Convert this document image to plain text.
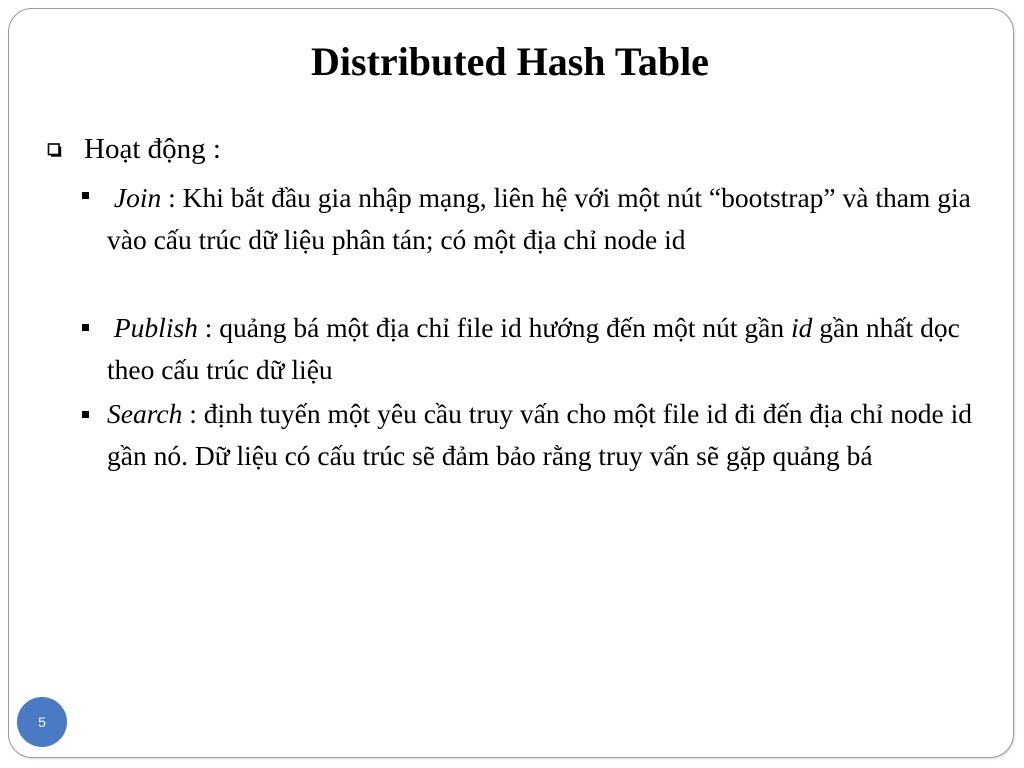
Distributed Hash Table
Hoạt động :
Join : Khi bắt đầu gia nhập mạng, liên hệ với một nút “bootstrap” và tham gia vào cấu trúc dữ liệu phân tán; có một địa chỉ node id
Publish : quảng bá một địa chỉ file id hướng đến một nút gần id gần nhất dọc theo cấu trúc dữ liệu
Search : định tuyến một yêu cầu truy vấn cho một file id đi đến địa chỉ node id gần nó. Dữ liệu có cấu trúc sẽ đảm bảo rằng truy vấn sẽ gặp quảng bá
5
